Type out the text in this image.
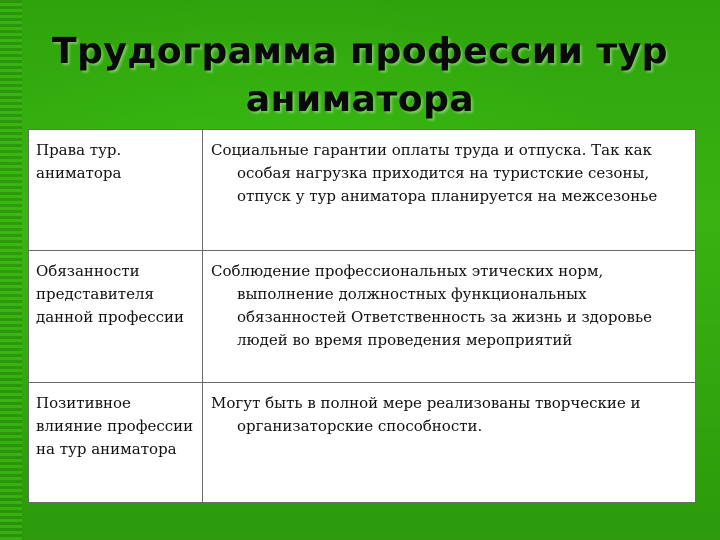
Трудограмма профессии тур
аниматора
Права тур. аниматора	Социальные гарантии оплаты труда и отпуска. Так как особая нагрузка приходится на туристские сезоны, отпуск у тур аниматора планируется на межсезонье

Обязанности представителя данной профессии	Соблюдение профессиональных этических норм, выполнение должностных функциональных обязанностей Ответственность за жизнь и здоровье людей во время проведения мероприятий

Позитивное влияние профессии на тур аниматора	Могут быть в полной мере реализованы творческие и организаторские способности.
